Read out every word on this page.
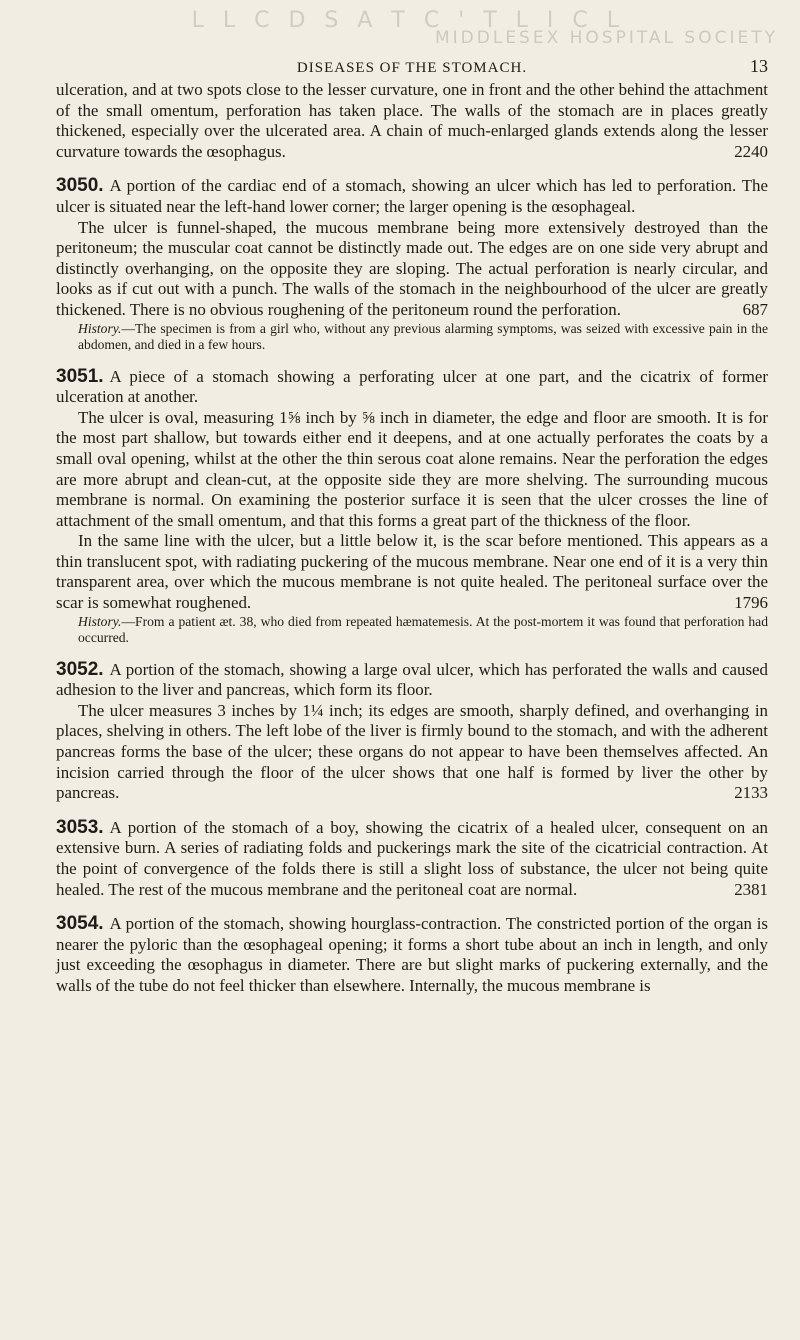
L L C D S A T C ' T L I C L
MIDDLESEX HOSPITAL SOCIETY
DISEASES OF THE STOMACH.	13

ulceration, and at two spots close to the lesser curvature, one in front and the other behind the attachment of the small omentum, perforation has taken place. The walls of the stomach are in places greatly thickened, especially over the ulcerated area. A chain of much-enlarged glands extends along the lesser curvature towards the œsophagus.	2240

3050. A portion of the cardiac end of a stomach, showing an ulcer which has led to perforation. The ulcer is situated near the left-hand lower corner; the larger opening is the œsophageal.

The ulcer is funnel-shaped, the mucous membrane being more extensively destroyed than the peritoneum; the muscular coat cannot be distinctly made out. The edges are on one side very abrupt and distinctly overhanging, on the opposite they are sloping. The actual perforation is nearly circular, and looks as if cut out with a punch. The walls of the stomach in the neighbourhood of the ulcer are greatly thickened. There is no obvious roughening of the peritoneum round the perforation.	687

History.—The specimen is from a girl who, without any previous alarming symptoms, was seized with excessive pain in the abdomen, and died in a few hours.

3051. A piece of a stomach showing a perforating ulcer at one part, and the cicatrix of former ulceration at another.

The ulcer is oval, measuring 1⅝ inch by ⅝ inch in diameter, the edge and floor are smooth. It is for the most part shallow, but towards either end it deepens, and at one actually perforates the coats by a small oval opening, whilst at the other the thin serous coat alone remains. Near the perforation the edges are more abrupt and clean-cut, at the opposite side they are more shelving. The surrounding mucous membrane is normal. On examining the posterior surface it is seen that the ulcer crosses the line of attachment of the small omentum, and that this forms a great part of the thickness of the floor.

In the same line with the ulcer, but a little below it, is the scar before mentioned. This appears as a thin translucent spot, with radiating puckering of the mucous membrane. Near one end of it is a very thin transparent area, over which the mucous membrane is not quite healed. The peritoneal surface over the scar is somewhat roughened.	1796

History.—From a patient æt. 38, who died from repeated hæmatemesis. At the post-mortem it was found that perforation had occurred.

3052. A portion of the stomach, showing a large oval ulcer, which has perforated the walls and caused adhesion to the liver and pancreas, which form its floor.

The ulcer measures 3 inches by 1¼ inch; its edges are smooth, sharply defined, and overhanging in places, shelving in others. The left lobe of the liver is firmly bound to the stomach, and with the adherent pancreas forms the base of the ulcer; these organs do not appear to have been themselves affected. An incision carried through the floor of the ulcer shows that one half is formed by liver the other by pancreas.	2133

3053. A portion of the stomach of a boy, showing the cicatrix of a healed ulcer, consequent on an extensive burn. A series of radiating folds and puckerings mark the site of the cicatricial contraction. At the point of convergence of the folds there is still a slight loss of substance, the ulcer not being quite healed. The rest of the mucous membrane and the peritoneal coat are normal.	2381

3054. A portion of the stomach, showing hourglass-contraction. The constricted portion of the organ is nearer the pyloric than the œsophageal opening; it forms a short tube about an inch in length, and only just exceeding the œsophagus in diameter. There are but slight marks of puckering externally, and the walls of the tube do not feel thicker than elsewhere. Internally, the mucous membrane is
